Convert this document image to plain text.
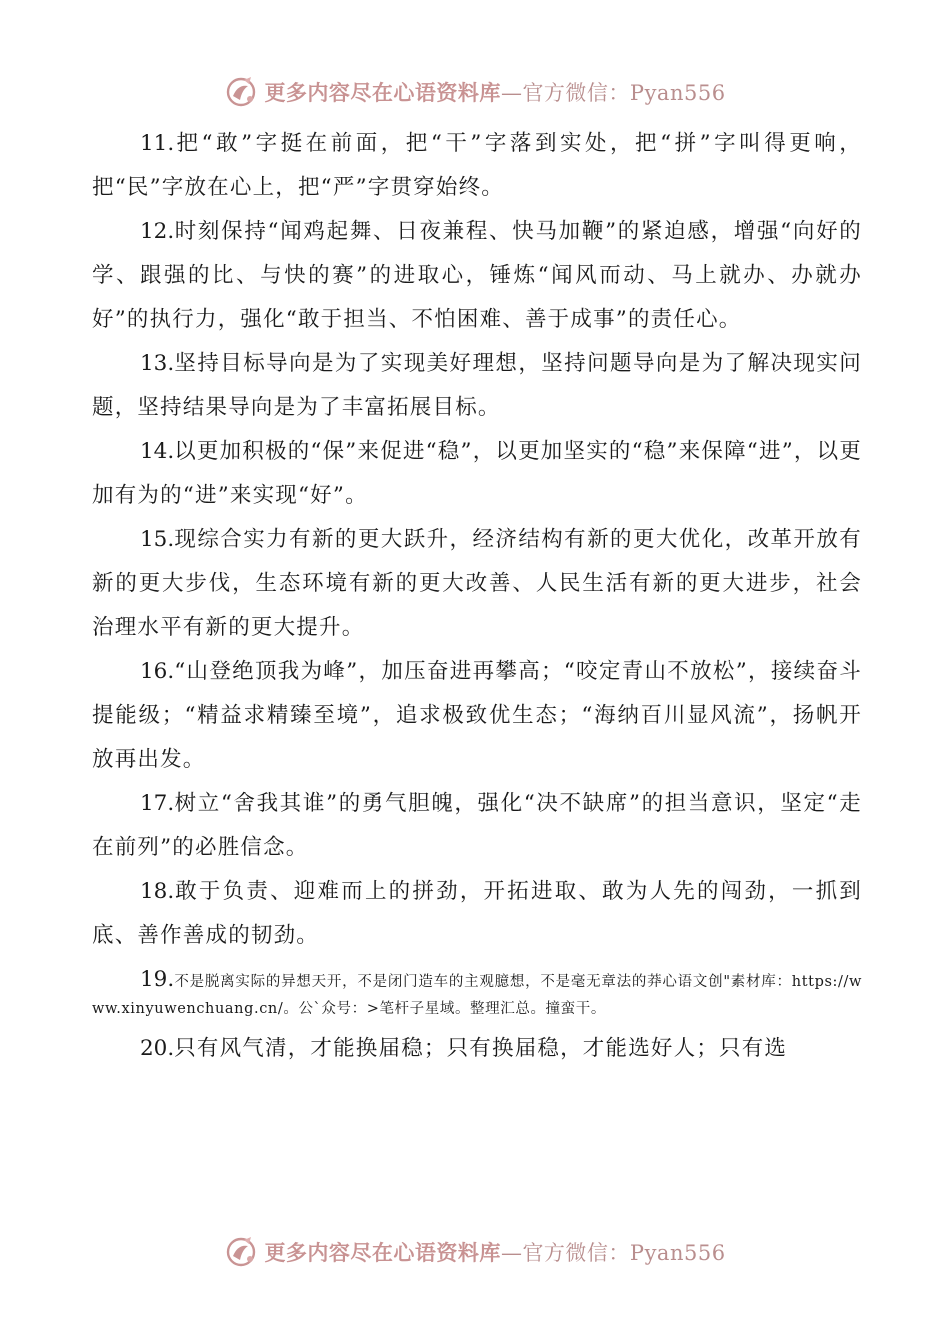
更多内容尽在心语资料库—官方微信：Pyan556

11.把“敢”字挺在前面，把“干”字落到实处，把“拼”字叫得更响，把“民”字放在心上，把“严”字贯穿始终。

12.时刻保持“闻鸡起舞、日夜兼程、快马加鞭”的紧迫感，增强“向好的学、跟强的比、与快的赛”的进取心，锤炼“闻风而动、马上就办、办就办好”的执行力，强化“敢于担当、不怕困难、善于成事”的责任心。

13.坚持目标导向是为了实现美好理想，坚持问题导向是为了解决现实问题，坚持结果导向是为了丰富拓展目标。

14.以更加积极的“保”来促进“稳”，以更加坚实的“稳”来保障“进”，以更加有为的“进”来实现“好”。

15.现综合实力有新的更大跃升，经济结构有新的更大优化，改革开放有新的更大步伐，生态环境有新的更大改善、人民生活有新的更大进步，社会治理水平有新的更大提升。

16.“山登绝顶我为峰”，加压奋进再攀高；“咬定青山不放松”，接续奋斗提能级；“精益求精臻至境”，追求极致优生态；“海纳百川显风流”，扬帆开放再出发。

17.树立“舍我其谁”的勇气胆魄，强化“决不缺席”的担当意识，坚定“走在前列”的必胜信念。

18.敢于负责、迎难而上的拼劲，开拓进取、敢为人先的闯劲，一抓到底、善作善成的韧劲。

19.不是脱离实际的异想天开，不是闭门造车的主观臆想，不是毫无章法的莽心语文创"素材库：https://www.xinyuwenchuang.cn/。公`众号：>笔杆子星域。整理汇总。撞蛮干。

20.只有风气清，才能换届稳；只有换届稳，才能选好人；只有选

更多内容尽在心语资料库—官方微信：Pyan556
